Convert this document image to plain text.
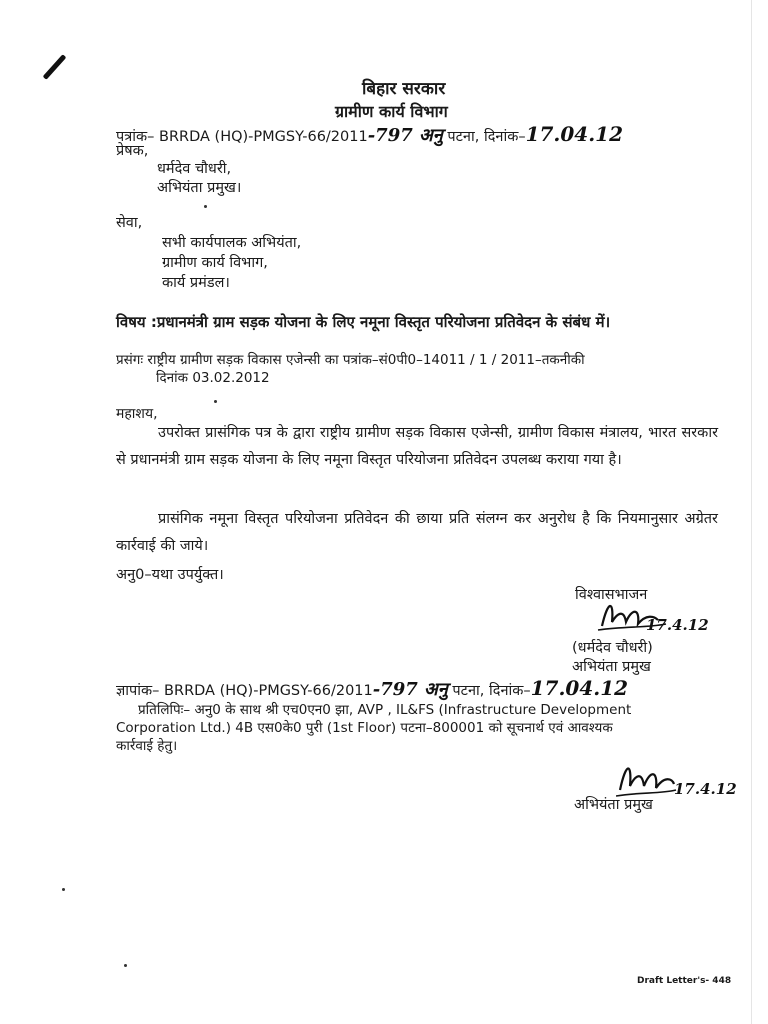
बिहार सरकार
ग्रामीण कार्य विभाग
पत्रांक– BRRDA (HQ)-PMGSY-66/2011-797 अनु पटना, दिनांक–17.04.12
प्रेषक,
धर्मदेव चौधरी,
अभियंता प्रमुख।
सेवा,
सभी कार्यपालक अभियंता,
ग्रामीण कार्य विभाग,
कार्य प्रमंडल।
विषय :प्रधानमंत्री ग्राम सड़क योजना के लिए नमूना विस्तृत परियोजना प्रतिवेदन के संबंध में।
प्रसंगः राष्ट्रीय ग्रामीण सड़क विकास एजेन्सी का पत्रांक–सं0पी0–14011 / 1 / 2011–तकनीकी
दिनांक 03.02.2012
महाशय,
उपरोक्त प्रासंगिक पत्र के द्वारा राष्ट्रीय ग्रामीण सड़क विकास एजेन्सी, ग्रामीण विकास मंत्रालय, भारत सरकार से प्रधानमंत्री ग्राम सड़क योजना के लिए नमूना विस्तृत परियोजना प्रतिवेदन उपलब्ध कराया गया है।
प्रासंगिक नमूना विस्तृत परियोजना प्रतिवेदन की छाया प्रति संलग्न कर अनुरोध है कि नियमानुसार अग्रेतर कार्रवाई की जाये।
अनु0–यथा उपर्युक्त।
विश्वासभाजन
17.4.12
(धर्मदेव चौधरी)
अभियंता प्रमुख
ज्ञापांक– BRRDA (HQ)-PMGSY-66/2011-797 अनु पटना, दिनांक–17.04.12
प्रतिलिपिः– अनु0 के साथ श्री एच0एन0 झा, AVP , IL&FS (Infrastructure Development
Corporation Ltd.) 4B एस0के0 पुरी (1st Floor) पटना–800001 को सूचनार्थ एवं आवश्यक
कार्रवाई हेतु।
17.4.12
अभियंता प्रमुख
Draft Letter's- 448
